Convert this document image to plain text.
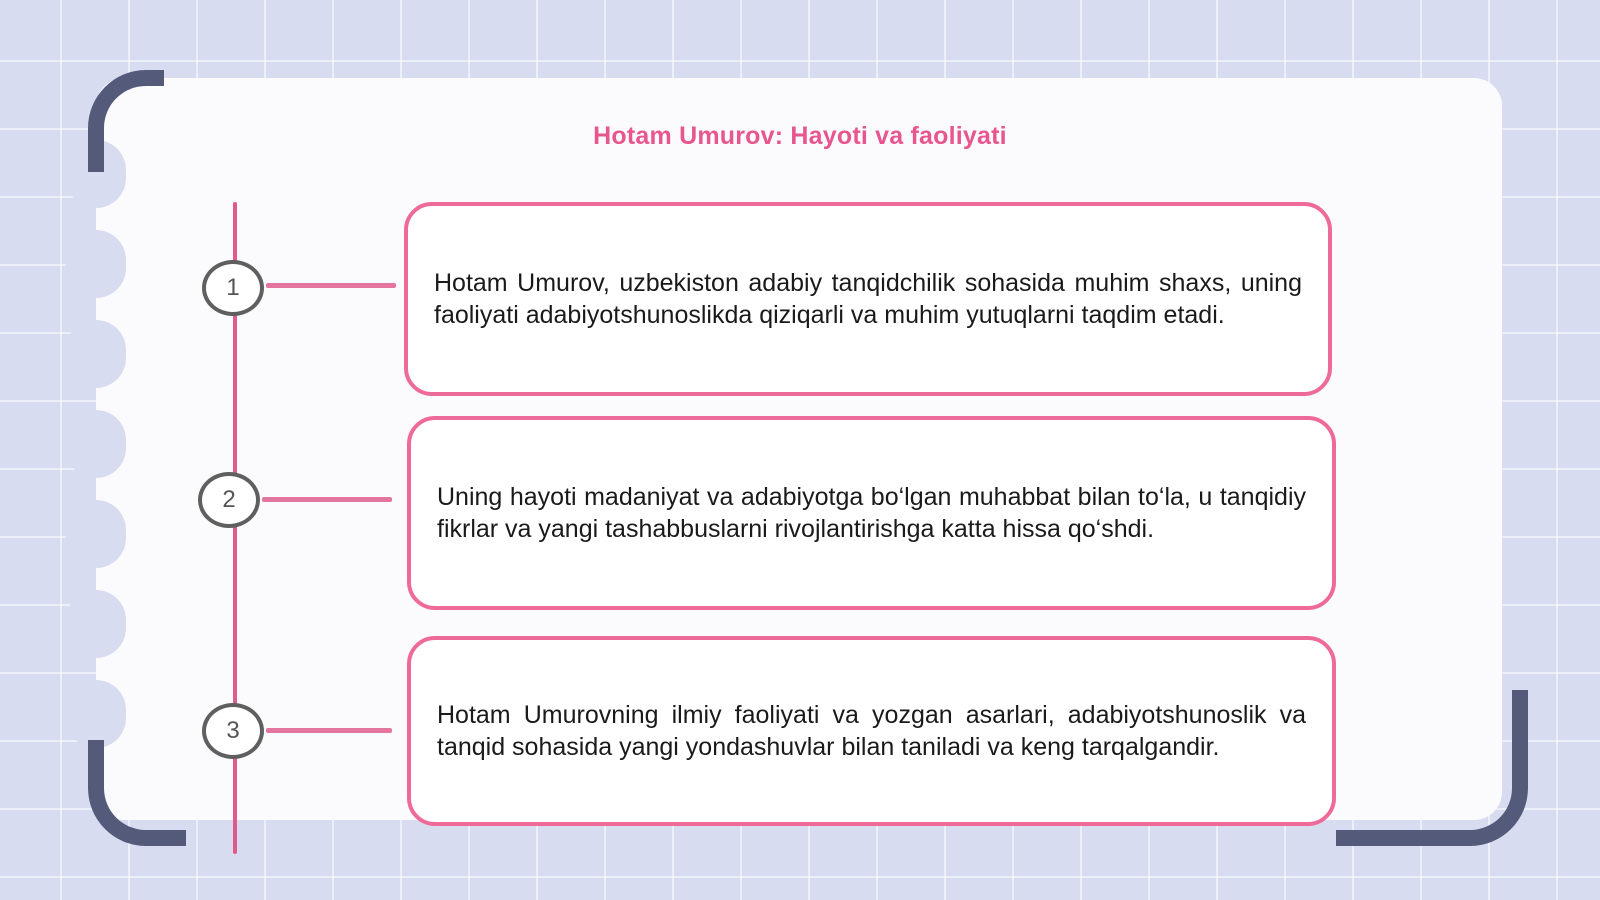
Hotam Umurov: Hayoti va faoliyati
1	Hotam Umurov, uzbekiston adabiy tanqidchilik sohasida muhim shaxs, uning faoliyati adabiyotshunoslikda qiziqarli va muhim yutuqlarni taqdim etadi.

2	Uning hayoti madaniyat va adabiyotga bo‘lgan muhabbat bilan to‘la, u tanqidiy fikrlar va yangi tashabbuslarni rivojlantirishga katta hissa qo‘shdi.

3

Hotam Umurovning ilmiy faoliyati va yozgan asarlari, adabiyotshunoslik va tanqid sohasida yangi yondashuvlar bilan taniladi va keng tarqalgandir.
